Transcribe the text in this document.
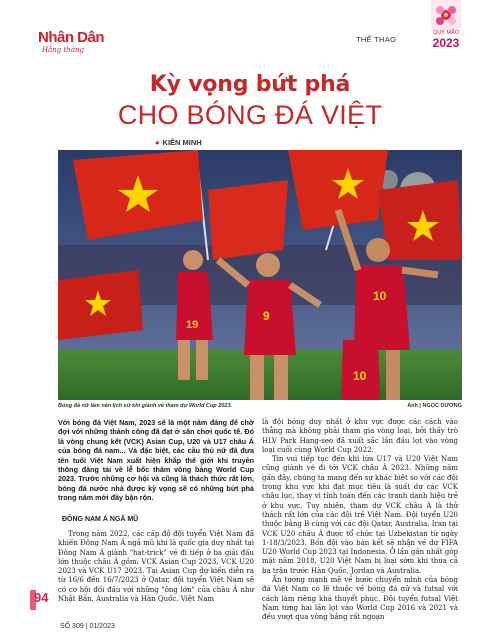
Nhân Dân
Hằng tháng
THỂ THAO
QUÝ MÃO
2023
Kỳ vọng bứt phá
CHO BÓNG ĐÁ VIỆT
● KIÊN MINH
19
9
10
10
Bóng đá nữ làm nên lịch sử khi giành vé tham dự World Cup 2023.	Ảnh | NGỌC DƯƠNG

Với bóng đá Việt Nam, 2023 sẽ là một năm đáng để chờ đợi với những thành công đã đạt ở sân chơi quốc tế. Đó là vòng chung kết (VCK) Asian Cup, U20 và U17 châu Á của bóng đá nam... Và đặc biệt, các cầu thủ nữ đã đưa tên tuổi Việt Nam xuất hiện khắp thế giới khi truyền thông đăng tải về lễ bốc thăm vòng bảng World Cup 2023. Trước những cơ hội và cũng là thách thức rất lớn, bóng đá nước nhà được kỳ vọng sẽ có những bứt phá trong năm mới đầy bận rộn.

ĐÔNG NAM Á NGÃ MŨ

Trong năm 2022, các cấp độ đội tuyển Việt Nam đã khiến Đông Nam Á ngả mũ khi là quốc gia duy nhất tại Đông Nam Á giành "hat-trick" vé đi tiếp ở ba giải đấu lớn thuộc châu Á gồm: VCK Asian Cup 2023, VCK U20 2023 và VCK U17 2023. Tại Asian Cup dự kiến diễn ra từ 16/6 đến 16/7/2023 ở Qatar, đội tuyển Việt Nam sẽ có cơ hội đối đầu với những "ông lớn" của châu Á như Nhật Bản, Australia và Hàn Quốc. Việt Nam

là đội bóng duy nhất ở khu vực được các cách vào thẳng mà không phải tham gia vòng loại, bởi thầy trò HLV Park Hang-seo đã xuất sắc lần đầu lọt vào vòng loại cuối cùng World Cup 2022.

Tin vui tiếp tục đến khi lứa U17 và U20 Việt Nam cũng giành vé đi tới VCK châu Á 2023. Những năm gần đây, chúng ta mang đến sự khác biệt so với các đội trong khu vực khi đạt mục tiêu là suất dự các VCK châu lục, thay vì tính toán đến các tranh danh hiệu trẻ ở khu vực. Tuy nhiên, tham dự VCK châu Á là thử thách rất lớn của các đội trẻ Việt Nam. Đội tuyển U20 thuộc bảng B cùng với các đội Qatar, Australia, Iran tại VCK U20 châu Á được tổ chức tại Uzbekistan từ ngày 1-18/3/2023. Bốn đội vào bán kết sẽ nhận vé dự FIFA U20 World Cup 2023 tại Indonesia. Ở lần gần nhất góp mặt năm 2018, U20 Việt Nam bị loại sớm khi thua cả ba trận trước Hàn Quốc, Jordan và Australia.

Ấn tượng mạnh mẽ về bước chuyển mình của bóng đá Việt Nam có lẽ thuộc về bóng đá nữ và futsal với cách làm riêng khá thuyết phục. Đội tuyển futsal Việt Nam từng hai lần lọt vào World Cup 2016 và 2021 và đều vượt qua vòng bảng rất ngoạn

94
SỐ 309 | 01/2023
